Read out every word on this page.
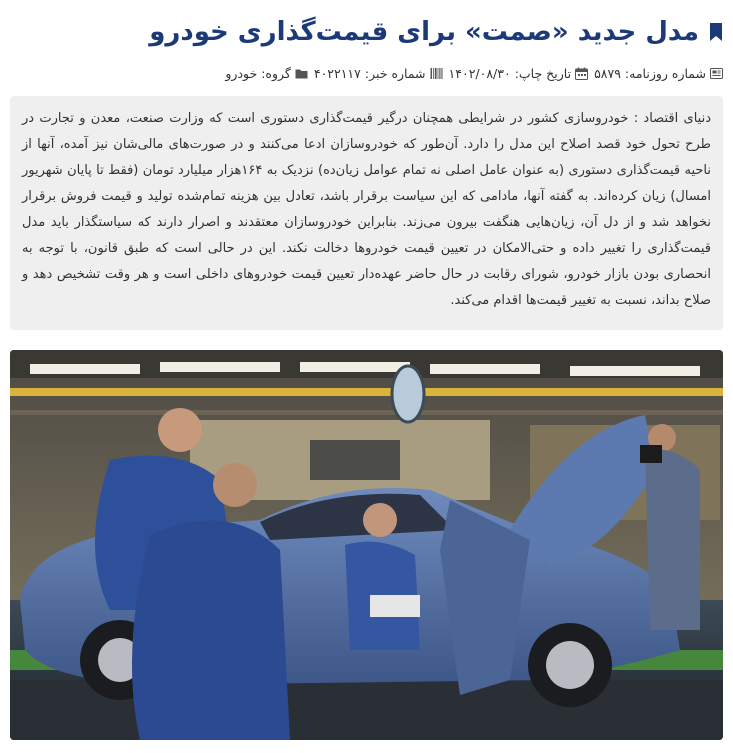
مدل جدید «صمت» برای قیمت‌گذاری خودرو
شماره روزنامه:
۵۸۷۹
تاریخ چاپ:
۱۴۰۲/۰۸/۳۰
شماره خبر:
۴۰۲۲۱۱۷
گروه:
خودرو
دنیای اقتصاد : خودروسازی کشور در شرایطی همچنان درگیر قیمت‌گذاری دستوری است که وزارت صنعت، معدن و تجارت در طرح تحول خود قصد اصلاح این مدل را دارد. آن‌طور که خودروسازان ادعا می‌کنند و در صورت‌های مالی‌شان نیز آمده، آنها از ناحیه قیمت‌گذاری دستوری (به عنوان عامل اصلی نه تمام عوامل زیان‌ده) نزدیک به ۱۶۴هزار میلیارد تومان (فقط تا پایان شهریور امسال) زیان کرده‌اند. به گفته آنها، مادامی که این سیاست برقرار باشد، تعادل بین هزینه تمام‌شده تولید و قیمت فروش برقرار نخواهد شد و از دل آن، زیان‌هایی هنگفت بیرون می‌زند. بنابراین خودروسازان معتقدند و اصرار دارند که سیاستگذار باید مدل قیمت‌گذاری را تغییر داده و حتی‌الامکان در تعیین قیمت خودروها دخالت نکند. این در حالی است که طبق قانون، با توجه به انحصاری بودن بازار خودرو، شورای رقابت در حال حاضر عهده‌دار تعیین قیمت خودروهای داخلی است و هر وقت تشخیص دهد و صلاح بداند، نسبت به تغییر قیمت‌ها اقدام می‌کند.
